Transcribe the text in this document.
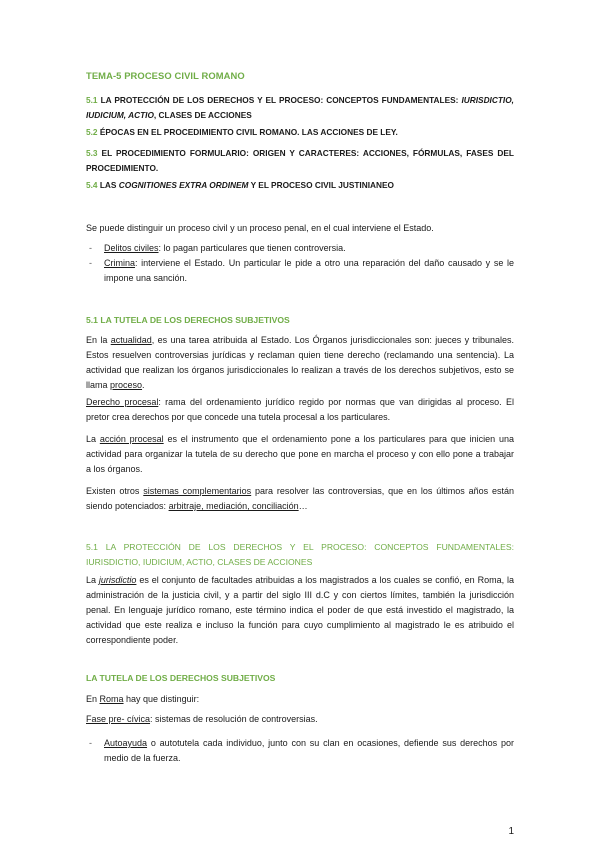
TEMA-5 PROCESO CIVIL ROMANO
5.1 LA PROTECCIÓN DE LOS DERECHOS Y EL PROCESO: CONCEPTOS FUNDAMENTALES: IURISDICTIO, IUDICIUM, ACTIO, CLASES DE ACCIONES
5.2 ÉPOCAS EN EL PROCEDIMIENTO CIVIL ROMANO. LAS ACCIONES DE LEY.
5.3 EL PROCEDIMIENTO FORMULARIO: ORIGEN Y CARACTERES: ACCIONES, FÓRMULAS, FASES DEL PROCEDIMIENTO.
5.4 LAS COGNITIONES EXTRA ORDINEM Y EL PROCESO CIVIL JUSTINIANEO
Se puede distinguir un proceso civil y un proceso penal, en el cual interviene el Estado.
- Delitos civiles: lo pagan particulares que tienen controversia.
- Crimina: interviene el Estado. Un particular le pide a otro una reparación del daño causado y se le impone una sanción.
5.1 LA TUTELA DE LOS DERECHOS SUBJETIVOS
En la actualidad, es una tarea atribuida al Estado. Los Órganos jurisdiccionales son: jueces y tribunales. Estos resuelven controversias jurídicas y reclaman quien tiene derecho (reclamando una sentencia). La actividad que realizan los órganos jurisdiccionales lo realizan a través de los derechos subjetivos, esto se llama proceso.
Derecho procesal: rama del ordenamiento jurídico regido por normas que van dirigidas al proceso. El pretor crea derechos por que concede una tutela procesal a los particulares.
La acción procesal es el instrumento que el ordenamiento pone a los particulares para que inicien una actividad para organizar la tutela de su derecho que pone en marcha el proceso y con ello pone a trabajar a los órganos.
Existen otros sistemas complementarios para resolver las controversias, que en los últimos años están siendo potenciados: arbitraje, mediación, conciliación…
5.1 LA PROTECCIÓN DE LOS DERECHOS Y EL PROCESO: CONCEPTOS FUNDAMENTALES: IURISDICTIO, IUDICIUM, ACTIO, CLASES DE ACCIONES
La jurisdictio es el conjunto de facultades atribuidas a los magistrados a los cuales se confió, en Roma, la administración de la justicia civil, y a partir del siglo III d.C y con ciertos límites, también la jurisdicción penal. En lenguaje jurídico romano, este término indica el poder de que está investido el magistrado, la actividad que este realiza e incluso la función para cuyo cumplimiento al magistrado le es atribuido el correspondiente poder.
LA TUTELA DE LOS DERECHOS SUBJETIVOS
En Roma hay que distinguir:
Fase pre- cívica: sistemas de resolución de controversias.
- Autoayuda o autotutela cada individuo, junto con su clan en ocasiones, defiende sus derechos por medio de la fuerza.
1
